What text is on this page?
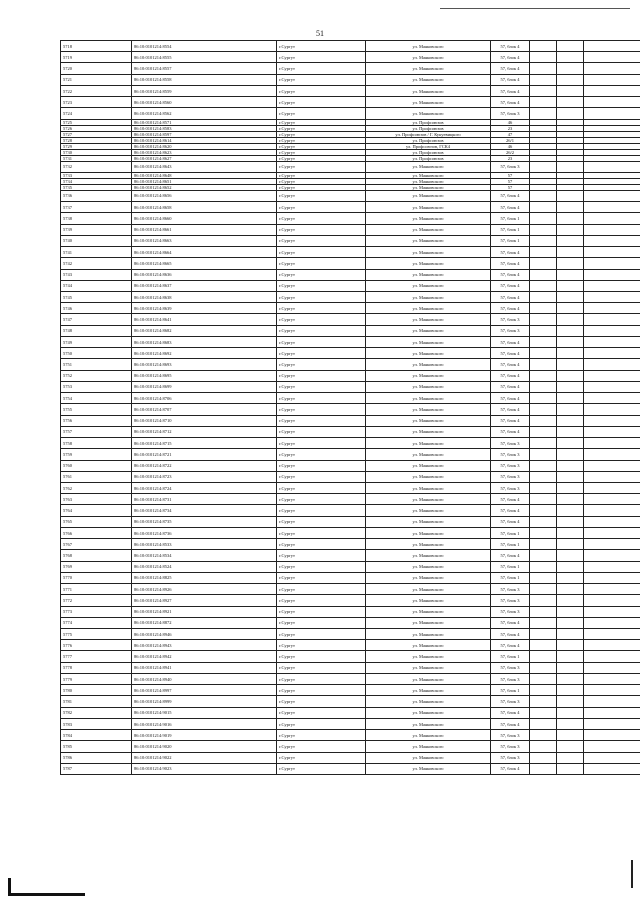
51
5718	86:10:0101214:8554	г.Сургут	ул. Маяковского	57, блок 4			
5719	86:10:0101214:8555	г.Сургут	ул. Маяковского	57, блок 4			
5720	86:10:0101214:8557	г.Сургут	ул. Маяковского	57, блок 4			
5721	86:10:0101214:8558	г.Сургут	ул. Маяковского	57, блок 4			
5722	86:10:0101214:8559	г.Сургут	ул. Маяковского	57, блок 4			
5723	86:10:0101214:8560	г.Сургут	ул. Маяковского	57, блок 4			
5724	86:10:0101214:8562	г.Сургут	ул. Маяковского	57, блок 3			
5725	86:10:0101214:8571	г.Сургут	ул. Профсоюзов	46			
5726	86:10:0101214:8583	г.Сургут	ул. Профсоюзов	23			
5727	86:10:0101214:8597	г.Сургут	ул. Профсоюзов / Г. Кукуевицкого	47			
5728	86:10:0101214:8614	г.Сургут	ул. Профсоюзов	26/1			
5729	86:10:0101214:8620	г.Сургут	ул. Профсоюзов, ГСК4	46			
5730	86:10:0101214:8623	г.Сургут	ул. Профсоюзов	26/2			
5731	86:10:0101214:8627	г.Сургут	ул. Профсоюзов	23			
5732	86:10:0101214:8643	г.Сургут	ул. Маяковского	57, блок 3			
5733	86:10:0101214:8648	г.Сургут	ул. Маяковского	57			
5734	86:10:0101214:8651	г.Сургут	ул. Маяковского	57			
5735	86:10:0101214:8652	г.Сургут	ул. Маяковского	57			
5736	86:10:0101214:8656	г.Сургут	ул. Маяковского	57, блок 4			
5737	86:10:0101214:8658	г.Сургут	ул. Маяковского	57, блок 4			
5738	86:10:0101214:8660	г.Сургут	ул. Маяковского	57, блок 1			
5739	86:10:0101214:8661	г.Сургут	ул. Маяковского	57, блок 1			
5740	86:10:0101214:8663	г.Сургут	ул. Маяковского	57, блок 1			
5741	86:10:0101214:8664	г.Сургут	ул. Маяковского	57, блок 4			
5742	86:10:0101214:8665	г.Сургут	ул. Маяковского	57, блок 4			
5743	86:10:0101214:8636	г.Сургут	ул. Маяковского	57, блок 4			
5744	86:10:0101214:8637	г.Сургут	ул. Маяковского	57, блок 4			
5745	86:10:0101214:8638	г.Сургут	ул. Маяковского	57, блок 4			
5746	86:10:0101214:8639	г.Сургут	ул. Маяковского	57, блок 4			
5747	86:10:0101214:8641	г.Сургут	ул. Маяковского	57, блок 3			
5748	86:10:0101214:8682	г.Сургут	ул. Маяковского	57, блок 3			
5749	86:10:0101214:8683	г.Сургут	ул. Маяковского	57, блок 4			
5750	86:10:0101214:8692	г.Сургут	ул. Маяковского	57, блок 4			
5751	86:10:0101214:8693	г.Сургут	ул. Маяковского	57, блок 4			
5752	86:10:0101214:8695	г.Сургут	ул. Маяковского	57, блок 4			
5753	86:10:0101214:8699	г.Сургут	ул. Маяковского	57, блок 4			
5754	86:10:0101214:8706	г.Сургут	ул. Маяковского	57, блок 4			
5755	86:10:0101214:8707	г.Сургут	ул. Маяковского	57, блок 4			
5756	86:10:0101214:8710	г.Сургут	ул. Маяковского	57, блок 4			
5757	86:10:0101214:8712	г.Сургут	ул. Маяковского	57, блок 4			
5758	86:10:0101214:8715	г.Сургут	ул. Маяковского	57, блок 3			
5759	86:10:0101214:8721	г.Сургут	ул. Маяковского	57, блок 3			
5760	86:10:0101214:8722	г.Сургут	ул. Маяковского	57, блок 3			
5761	86:10:0101214:8723	г.Сургут	ул. Маяковского	57, блок 3			
5762	86:10:0101214:8724	г.Сургут	ул. Маяковского	57, блок 3			
5763	86:10:0101214:8731	г.Сургут	ул. Маяковского	57, блок 4			
5764	86:10:0101214:8734	г.Сургут	ул. Маяковского	57, блок 4			
5765	86:10:0101214:8735	г.Сургут	ул. Маяковского	57, блок 4			
5766	86:10:0101214:8736	г.Сургут	ул. Маяковского	57, блок 1			
5767	86:10:0101214:8533	г.Сургут	ул. Маяковского	57, блок 1			
5768	86:10:0101214:8534	г.Сургут	ул. Маяковского	57, блок 4			
5769	86:10:0101214:8524	г.Сургут	ул. Маяковского	57, блок 1			
5770	86:10:0101214:8825	г.Сургут	ул. Маяковского	57, блок 1			
5771	86:10:0101214:8926	г.Сургут	ул. Маяковского	57, блок 3			
5772	86:10:0101214:8927	г.Сургут	ул. Маяковского	57, блок 3			
5773	86:10:0101214:8921	г.Сургут	ул. Маяковского	57, блок 3			
5774	86:10:0101214:8872	г.Сургут	ул. Маяковского	57, блок 4			
5775	86:10:0101214:8946	г.Сургут	ул. Маяковского	57, блок 4			
5776	86:10:0101214:8943	г.Сургут	ул. Маяковского	57, блок 4			
5777	86:10:0101214:8942	г.Сургут	ул. Маяковского	57, блок 1			
5778	86:10:0101214:8941	г.Сургут	ул. Маяковского	57, блок 3			
5779	86:10:0101214:8940	г.Сургут	ул. Маяковского	57, блок 3			
5780	86:10:0101214:8997	г.Сургут	ул. Маяковского	57, блок 1			
5781	86:10:0101214:8999	г.Сургут	ул. Маяковского	57, блок 3			
5782	86:10:0101214:9015	г.Сургут	ул. Маяковского	57, блок 4			
5783	86:10:0101214:9016	г.Сургут	ул. Маяковского	57, блок 4			
5784	86:10:0101214:9019	г.Сургут	ул. Маяковского	57, блок 3			
5785	86:10:0101214:9020	г.Сургут	ул. Маяковского	57, блок 3			
5786	86:10:0101214:9022	г.Сургут	ул. Маяковского	57, блок 3			
5787	86:10:0101214:9023	г.Сургут	ул. Маяковского	57, блок 4			
